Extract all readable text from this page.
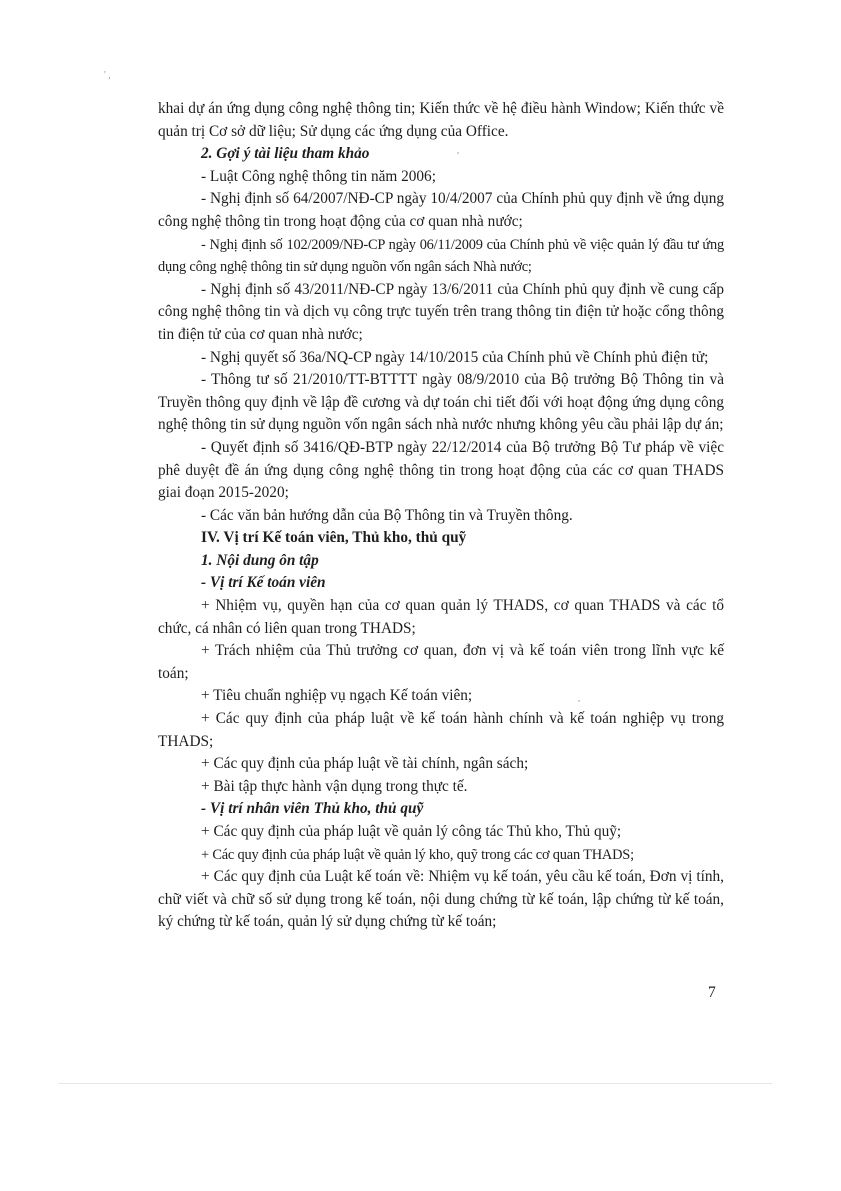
' ,

khai dự án ứng dụng công nghệ thông tin; Kiến thức về hệ điều hành Window; Kiến thức về quản trị Cơ sở dữ liệu; Sử dụng các ứng dụng của Office.

2. Gợi ý tài liệu tham khảo

- Luật Công nghệ thông tin năm 2006;

- Nghị định số 64/2007/NĐ-CP ngày 10/4/2007 của Chính phủ quy định về ứng dụng công nghệ thông tin trong hoạt động của cơ quan nhà nước;

- Nghị định số 102/2009/NĐ-CP ngày 06/11/2009 của Chính phủ về việc quản lý đầu tư ứng dụng công nghệ thông tin sử dụng nguồn vốn ngân sách Nhà nước;

- Nghị định số 43/2011/NĐ-CP ngày 13/6/2011 của Chính phủ quy định về cung cấp công nghệ thông tin và dịch vụ công trực tuyến trên trang thông tin điện tử hoặc cổng thông tin điện tử của cơ quan nhà nước;

- Nghị quyết số 36a/NQ-CP ngày 14/10/2015 của Chính phủ về Chính phủ điện tử;

- Thông tư số 21/2010/TT-BTTTT ngày 08/9/2010 của Bộ trưởng Bộ Thông tin và Truyền thông quy định về lập đề cương và dự toán chi tiết đối với hoạt động ứng dụng công nghệ thông tin sử dụng nguồn vốn ngân sách nhà nước nhưng không yêu cầu phải lập dự án;

- Quyết định số 3416/QĐ-BTP ngày 22/12/2014 của Bộ trưởng Bộ Tư pháp về việc phê duyệt đề án ứng dụng công nghệ thông tin trong hoạt động của các cơ quan THADS giai đoạn 2015-2020;

- Các văn bản hướng dẫn của Bộ Thông tin và Truyền thông.

IV. Vị trí Kế toán viên, Thủ kho, thủ quỹ

1. Nội dung ôn tập

- Vị trí Kế toán viên

+ Nhiệm vụ, quyền hạn của cơ quan quản lý THADS, cơ quan THADS và các tổ chức, cá nhân có liên quan trong THADS;

+ Trách nhiệm của Thủ trưởng cơ quan, đơn vị và kế toán viên trong lĩnh vực kế toán;

+ Tiêu chuẩn nghiệp vụ ngạch Kế toán viên;

+ Các quy định của pháp luật về kế toán hành chính và kế toán nghiệp vụ trong THADS;

+ Các quy định của pháp luật về tài chính, ngân sách;

+ Bài tập thực hành vận dụng trong thực tế.

- Vị trí nhân viên Thủ kho, thủ quỹ

+ Các quy định của pháp luật về quản lý công tác Thủ kho, Thủ quỹ;

+ Các quy định của pháp luật về quản lý kho, quỹ trong các cơ quan THADS;

+ Các quy định của Luật kế toán về: Nhiệm vụ kế toán, yêu cầu kế toán, Đơn vị tính, chữ viết và chữ số sử dụng trong kế toán, nội dung chứng từ kế toán, lập chứng từ kế toán, ký chứng từ kế toán, quản lý sử dụng chứng từ kế toán;

7
